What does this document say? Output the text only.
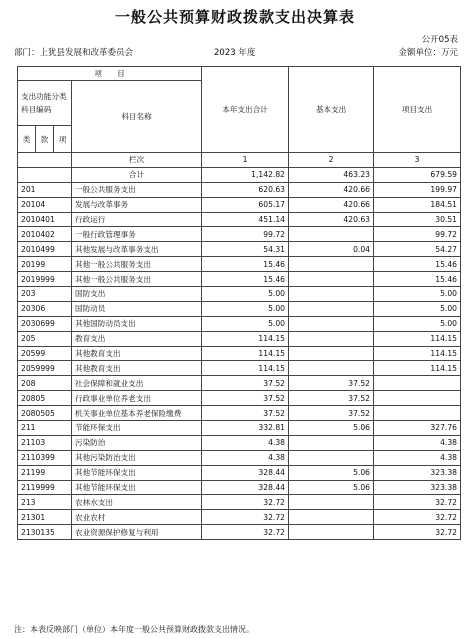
一般公共预算财政拨款支出决算表
公开05表
部门：上犹县发展和改革委员会	2023 年度	金额单位：万元
项　　目				本年支出合计	基本支出	项目支出
支出功能分类科目编码			科目名称			
类	款	项				
			栏次	1	2	3
			合计	1,142.82	463.23	679.59
201			一般公共服务支出	620.63	420.66	199.97
20104			发展与改革事务	605.17	420.66	184.51
2010401			行政运行	451.14	420.63	30.51
2010402			一般行政管理事务	99.72		99.72
2010499			其他发展与改革事务支出	54.31	0.04	54.27
20199			其他一般公共服务支出	15.46		15.46
2019999			其他一般公共服务支出	15.46		15.46
203			国防支出	5.00		5.00
20306			国防动员	5.00		5.00
2030699			其他国防动员支出	5.00		5.00
205			教育支出	114.15		114.15
20599			其他教育支出	114.15		114.15
2059999			其他教育支出	114.15		114.15
208			社会保障和就业支出	37.52	37.52	
20805			行政事业单位养老支出	37.52	37.52	
2080505			机关事业单位基本养老保险缴费	37.52	37.52	
211			节能环保支出	332.81	5.06	327.76
21103			污染防治	4.38		4.38
2110399			其他污染防治支出	4.38		4.38
21199			其他节能环保支出	328.44	5.06	323.38
2119999			其他节能环保支出	328.44	5.06	323.38
213			农林水支出	32.72		32.72
21301			农业农村	32.72		32.72
2130135			农业资源保护修复与利用	32.72		32.72
注：本表反映部门（单位）本年度一般公共预算财政拨款支出情况。
